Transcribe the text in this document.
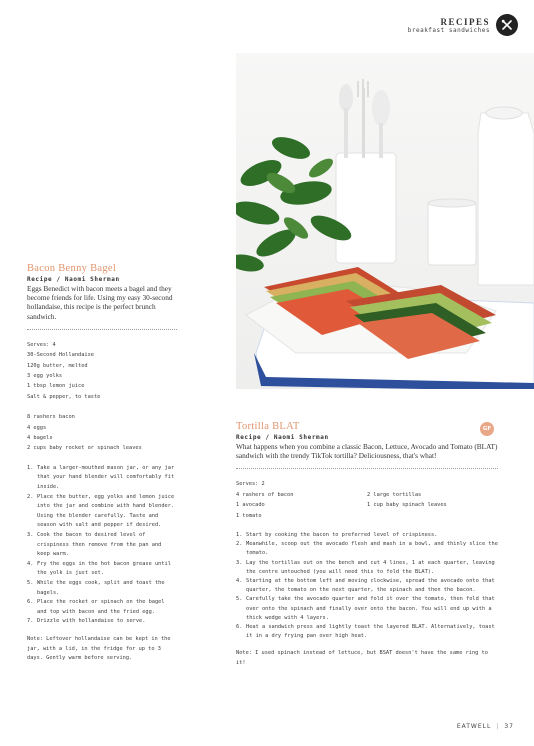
RECIPES
breakfast sandwiches
Bacon Benny Bagel
Recipe / Naomi Sherman
Eggs Benedict with bacon meets a bagel and they become friends for life. Using my easy 30-second hollandaise, this recipe is the perfect brunch sandwich.
Serves: 4
30-Second Hollandaise
120g butter, melted
3 egg yolks
1 tbsp lemon juice
Salt & pepper, to taste
8 rashers bacon
4 eggs
4 bagels
2 cups baby rocket or spinach leaves
1. Take a larger-mouthed mason jar, or any jar that your hand blender will comfortably fit inside.
2. Place the butter, egg yolks and lemon juice into the jar and combine with hand blender. Using the blender carefully. Taste and season with salt and pepper if desired.
3. Cook the bacon to desired level of crispiness then remove from the pan and keep warm.
4. Fry the eggs in the hot bacon grease until the yolk is just set.
5. While the eggs cook, split and toast the bagels.
6. Place the rocket or spinach on the bagel and top with bacon and the fried egg.
7. Drizzle with hollandaise to serve.
Note: Leftover hollandaise can be kept in the jar, with a lid, in the fridge for up to 3 days. Gently warm before serving.
GF
Tortilla BLAT
Recipe / Naomi Sherman
What happens when you combine a classic Bacon, Lettuce, Avocado and Tomato (BLAT) sandwich with the trendy TikTok tortilla? Deliciousness, that's what!
Serves: 2
4 rashers of bacon
1 avocado
1 tomato
2 large tortillas
1 cup baby spinach leaves
1. Start by cooking the bacon to preferred level of crispiness.
2. Meanwhile, scoop out the avocado flesh and mash in a bowl, and thinly slice the tomato.
3. Lay the tortillas out on the bench and cut 4 lines, 1 at each quarter, leaving the centre untouched (you will need this to fold the BLAT).
4. Starting at the bottom left and moving clockwise, spread the avocado onto that quarter, the tomato on the next quarter, the spinach and then the bacon.
5. Carefully take the avocado quarter and fold it over the tomato, then fold that over onto the spinach and finally over onto the bacon. You will end up with a thick wedge with 4 layers.
6. Heat a sandwich press and lightly toast the layered BLAT. Alternatively, toast it in a dry frying pan over high heat.
Note: I used spinach instead of lettuce, but BSAT doesn't have the same ring to it!
EATWELL | 37
